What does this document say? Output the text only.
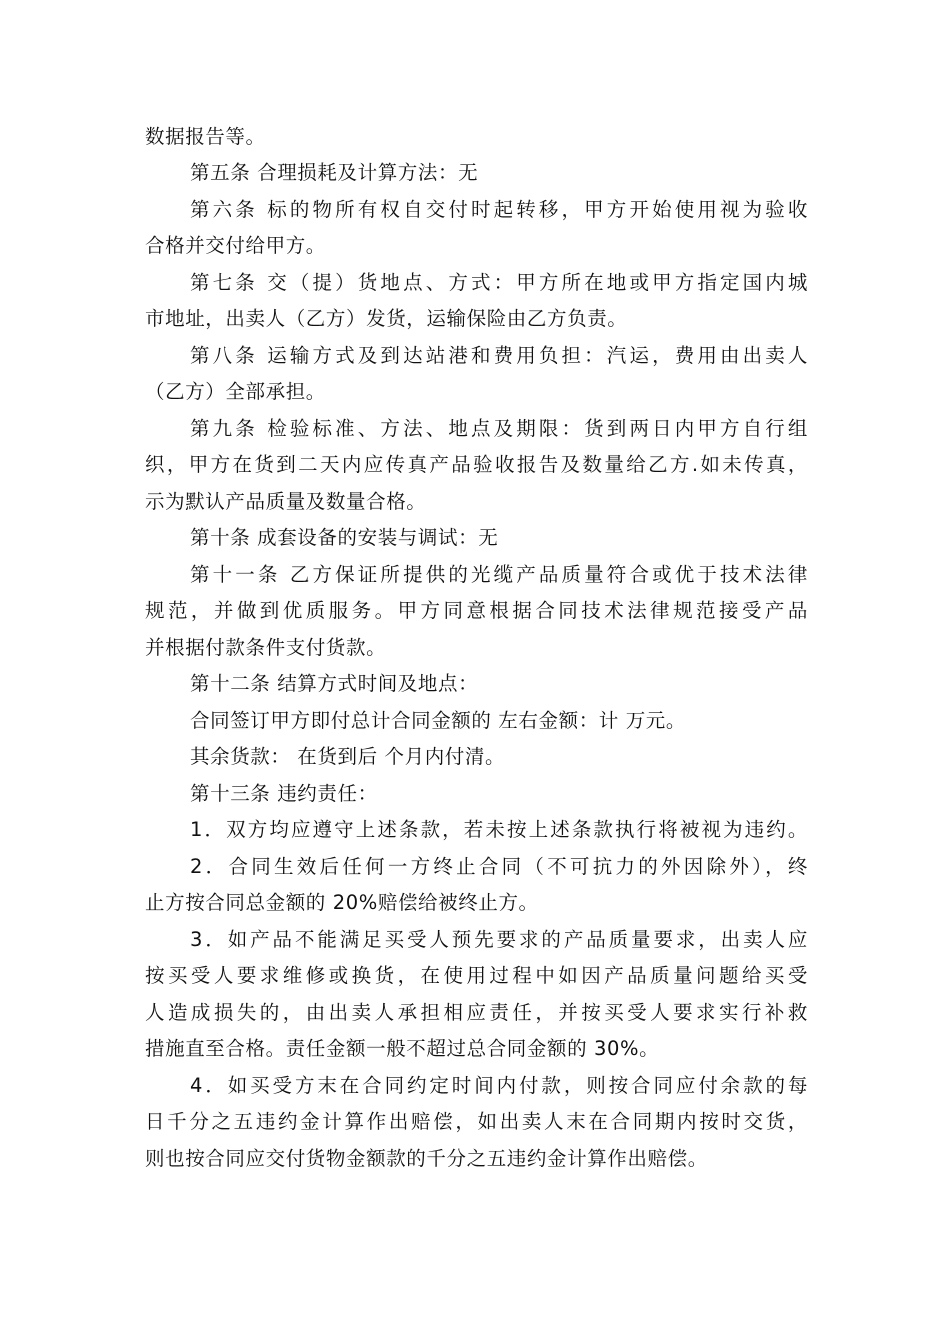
数据报告等。
第五条 合理损耗及计算方法：无
第六条 标的物所有权自交付时起转移，甲方开始使用视为验收
合格并交付给甲方。
第七条 交（提）货地点、方式：甲方所在地或甲方指定国内城
市地址，出卖人（乙方）发货，运输保险由乙方负责。
第八条 运输方式及到达站港和费用负担：汽运，费用由出卖人
（乙方）全部承担。
第九条 检验标准、方法、地点及期限：货到两日内甲方自行组
织，甲方在货到二天内应传真产品验收报告及数量给乙方.如未传真，
示为默认产品质量及数量合格。
第十条 成套设备的安装与调试：无
第十一条 乙方保证所提供的光缆产品质量符合或优于技术法律
规范，并做到优质服务。甲方同意根据合同技术法律规范接受产品
并根据付款条件支付货款。
第十二条 结算方式时间及地点：
合同签订甲方即付总计合同金额的 左右金额：计 万元。
其余货款： 在货到后 个月内付清。
第十三条 违约责任：
1．双方均应遵守上述条款，若未按上述条款执行将被视为违约。
2．合同生效后任何一方终止合同（不可抗力的外因除外），终
止方按合同总金额的 20%赔偿给被终止方。
3．如产品不能满足买受人预先要求的产品质量要求，出卖人应
按买受人要求维修或换货，在使用过程中如因产品质量问题给买受
人造成损失的，由出卖人承担相应责任，并按买受人要求实行补救
措施直至合格。责任金额一般不超过总合同金额的 30%。
4．如买受方末在合同约定时间内付款，则按合同应付余款的每
日千分之五违约金计算作出赔偿，如出卖人末在合同期内按时交货，
则也按合同应交付货物金额款的千分之五违约金计算作出赔偿。
